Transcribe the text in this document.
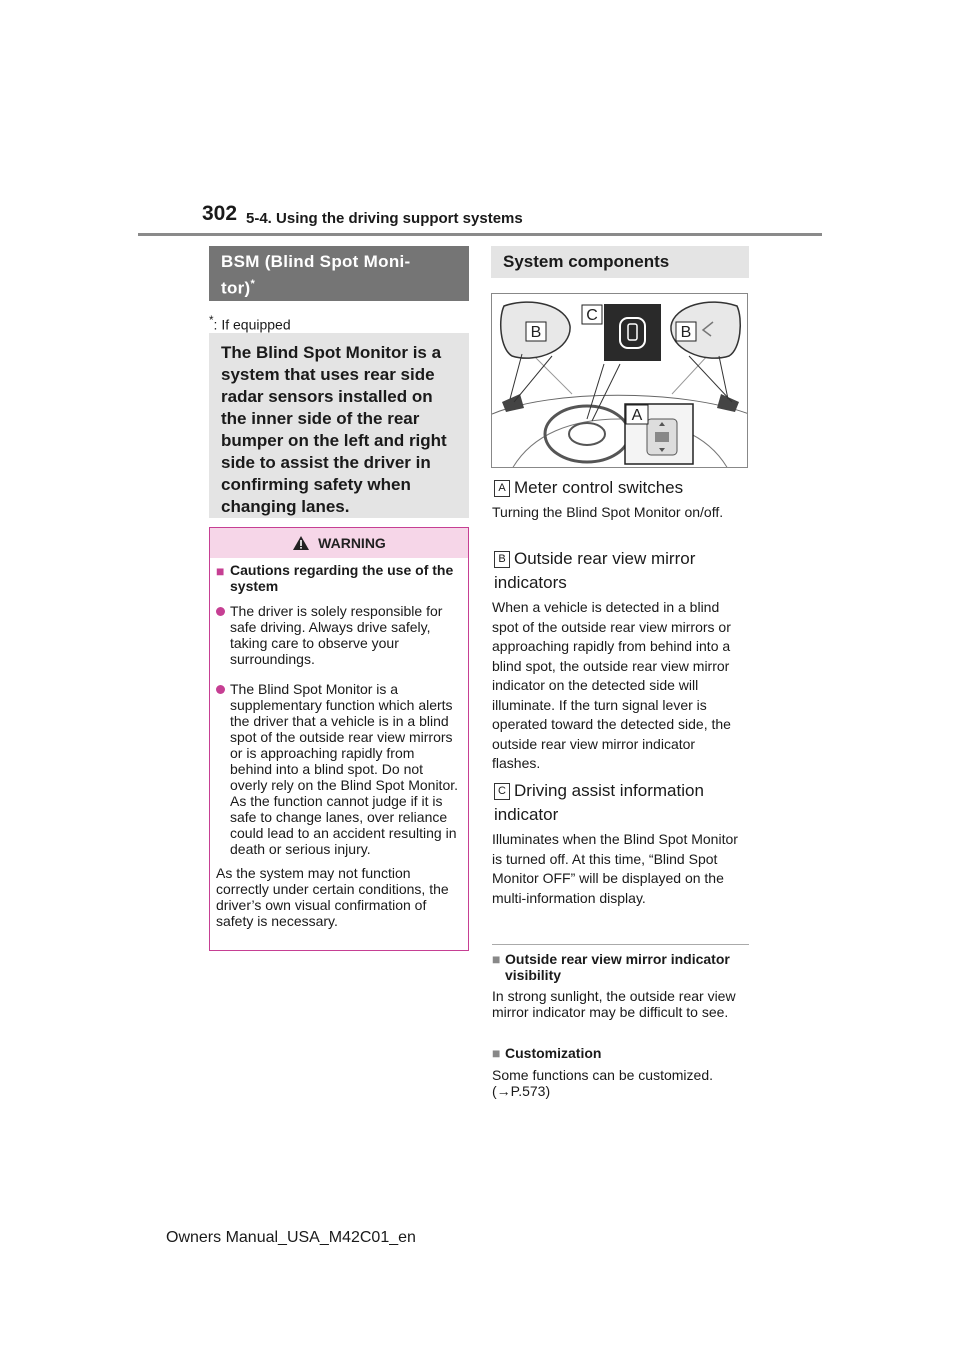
302 5-4. Using the driving support systems
BSM (Blind Spot Moni-
tor)*
*: If equipped
The Blind Spot Monitor is a system that uses rear side radar sensors installed on the inner side of the rear bumper on the left and right side to assist the driver in confirming safety when changing lanes.
WARNING
■ Cautions regarding the use of the system
The driver is solely responsible for safe driving. Always drive safely, taking care to observe your surroundings.
The Blind Spot Monitor is a supplementary function which alerts the driver that a vehicle is in a blind spot of the outside rear view mirrors or is approaching rapidly from behind into a blind spot. Do not overly rely on the Blind Spot Monitor. As the function cannot judge if it is safe to change lanes, over reliance could lead to an accident resulting in death or serious injury.
As the system may not function correctly under certain conditions, the driver’s own visual confirmation of safety is necessary.
System components
B
C
B
A
A Meter control switches
Turning the Blind Spot Monitor on/off.
B Outside rear view mirror indicators
When a vehicle is detected in a blind spot of the outside rear view mirrors or approaching rapidly from behind into a blind spot, the outside rear view mirror indicator on the detected side will illuminate. If the turn signal lever is operated toward the detected side, the outside rear view mirror indicator flashes.
C Driving assist information indicator
Illuminates when the Blind Spot Monitor is turned off. At this time, “Blind Spot Monitor OFF” will be displayed on the multi-information display.
■ Outside rear view mirror indicator visibility
In strong sunlight, the outside rear view mirror indicator may be difficult to see.
■ Customization
Some functions can be customized. (→P.573)
Owners Manual_USA_M42C01_en
